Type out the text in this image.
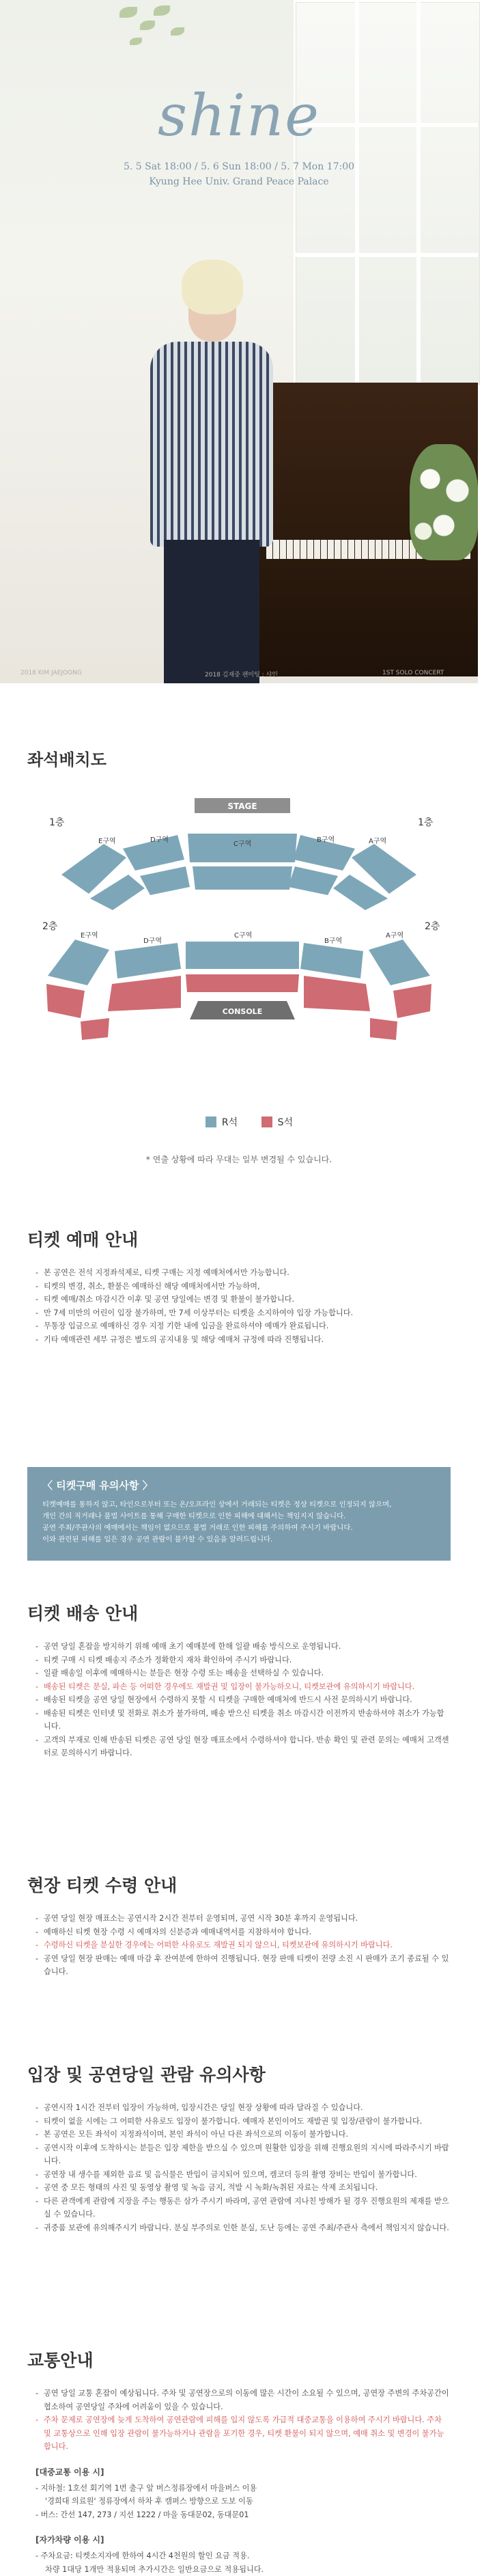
shine
5. 5 Sat 18:00 / 5. 6 Sun 18:00 / 5. 7 Mon 17:00
Kyung Hee Univ. Grand Peace Palace
2018 KIM JAEJOONG	2018 김재중 팬미팅 : 샤인	1ST SOLO CONCERT
좌석배치도
STAGE
1층	1층
2층	2층
E구역	D구역
C구역
B구역	A구역
E구역
D구역
C구역
B구역
A구역
CONSOLE
R석	S석
* 연출 상황에 따라 무대는 일부 변경될 수 있습니다.
티켓 예매 안내
- 본 공연은 전석 지정좌석제로, 티켓 구매는 지정 예매처에서만 가능합니다.
- 티켓의 변경, 취소, 환불은 예매하신 해당 예매처에서만 가능하며,
- 티켓 예매/취소 마감시간 이후 및 공연 당일에는 변경 및 환불이 불가합니다.
- 만 7세 미만의 어린이 입장 불가하며, 만 7세 이상부터는 티켓을 소지하여야 입장 가능합니다.
- 무통장 입금으로 예매하신 경우 지정 기한 내에 입금을 완료하셔야 예매가 완료됩니다.
- 기타 예매관련 세부 규정은 별도의 공지내용 및 해당 예매처 규정에 따라 진행됩니다.
〈 티켓구매 유의사항 〉

티켓예매를 통하지 않고, 타인으로부터 또는 온/오프라인 상에서 거래되는 티켓은 정상 티켓으로 인정되지 않으며,

개인 간의 직거래나 불법 사이트를 통해 구매한 티켓으로 인한 피해에 대해서는 책임지지 않습니다.

공연 주최/주관사의 예매에서는 책임이 없으므로 불법 거래로 인한 피해를 주의하여 주시기 바랍니다.

이와 관련된 피해를 입은 경우 공연 관람이 불가할 수 있음을 알려드립니다.

티켓 배송 안내
- 공연 당일 혼잡을 방지하기 위해 예매 초기 예매분에 한해 일괄 배송 방식으로 운영됩니다.
- 티켓 구매 시 티켓 배송지 주소가 정확한지 재차 확인하여 주시기 바랍니다.
- 일괄 배송일 이후에 예매하시는 분들은 현장 수령 또는 배송을 선택하실 수 있습니다.
- 배송된 티켓은 분실, 파손 등 어떠한 경우에도 재발권 및 입장이 불가능하오니, 티켓보관에 유의하시기 바랍니다.
- 배송된 티켓을 공연 당일 현장에서 수령하지 못할 시 티켓을 구매한 예매처에 반드시 사전 문의하시기 바랍니다.
- 배송된 티켓은 인터넷 및 전화로 취소가 불가하며, 배송 받으신 티켓을 취소 마감시간 이전까지 반송하셔야 취소가 가능합니다.
- 고객의 부재로 인해 반송된 티켓은 공연 당일 현장 매표소에서 수령하셔야 합니다. 반송 확인 및 관련 문의는 예매처 고객센터로 문의하시기 바랍니다.
현장 티켓 수령 안내
- 공연 당일 현장 매표소는 공연시작 2시간 전부터 운영되며, 공연 시작 30분 후까지 운영됩니다.
- 예매하신 티켓 현장 수령 시 예매자의 신분증과 예매내역서를 지참하셔야 합니다.
- 수령하신 티켓을 분실한 경우에는 어떠한 사유로도 재발권 되지 않으니, 티켓보관에 유의하시기 바랍니다.
- 공연 당일 현장 판매는 예매 마감 후 잔여분에 한하여 진행됩니다. 현장 판매 티켓이 전량 소진 시 판매가 조기 종료될 수 있습니다.
입장 및 공연당일 관람 유의사항
- 공연시작 1시간 전부터 입장이 가능하며, 입장시간은 당일 현장 상황에 따라 달라질 수 있습니다.
- 티켓이 없을 시에는 그 어떠한 사유로도 입장이 불가합니다. 예매자 본인이어도 재발권 및 입장/관람이 불가합니다.
- 본 공연은 모든 좌석이 지정좌석이며, 본인 좌석이 아닌 다른 좌석으로의 이동이 불가합니다.
- 공연시작 이후에 도착하시는 분들은 입장 제한을 받으실 수 있으며 원활한 입장을 위해 진행요원의 지시에 따라주시기 바랍니다.
- 공연장 내 생수를 제외한 음료 및 음식물은 반입이 금지되어 있으며, 캠코더 등의 촬영 장비는 반입이 불가합니다.
- 공연 중 모든 형태의 사진 및 동영상 촬영 및 녹음 금지, 적발 시 녹화/녹취된 자료는 삭제 조치됩니다.
- 다른 관객에게 관람에 지장을 주는 행동은 삼가 주시기 바라며, 공연 관람에 지나친 방해가 될 경우 진행요원의 제재를 받으실 수 있습니다.
- 귀중품 보관에 유의해주시기 바랍니다. 분실 부주의로 인한 분실, 도난 등에는 공연 주최/주관사 측에서 책임지지 않습니다.
교통안내
- 공연 당일 교통 혼잡이 예상됩니다. 주차 및 공연장으로의 이동에 많은 시간이 소요될 수 있으며, 공연장 주변의 주차공간이 협소하여 공연당일 주차에 어려움이 있을 수 있습니다.
- 주차 문제로 공연장에 늦게 도착하여 공연관람에 피해를 입지 않도록 가급적 대중교통을 이용하여 주시기 바랍니다. 주차 및 교통상으로 인해 입장 관람이 불가능하거나 관람을 포기한 경우, 티켓 환불이 되지 않으며, 예매 취소 및 변경이 불가능합니다.
[대중교통 이용 시]

- 지하철: 1호선 회기역 1번 출구 앞 버스정류장에서 마을버스 이용

'경희대 의료원' 정류장에서 하차 후 캠퍼스 방향으로 도보 이동

- 버스: 간선 147, 273 / 지선 1222 / 마을 동대문02, 동대문01

[자가차량 이용 시]

- 주차요금: 티켓소지자에 한하여 4시간 4천원의 할인 요금 적용.

차량 1대당 1개만 적용되며 추가시간은 일반요금으로 적용됩니다.
